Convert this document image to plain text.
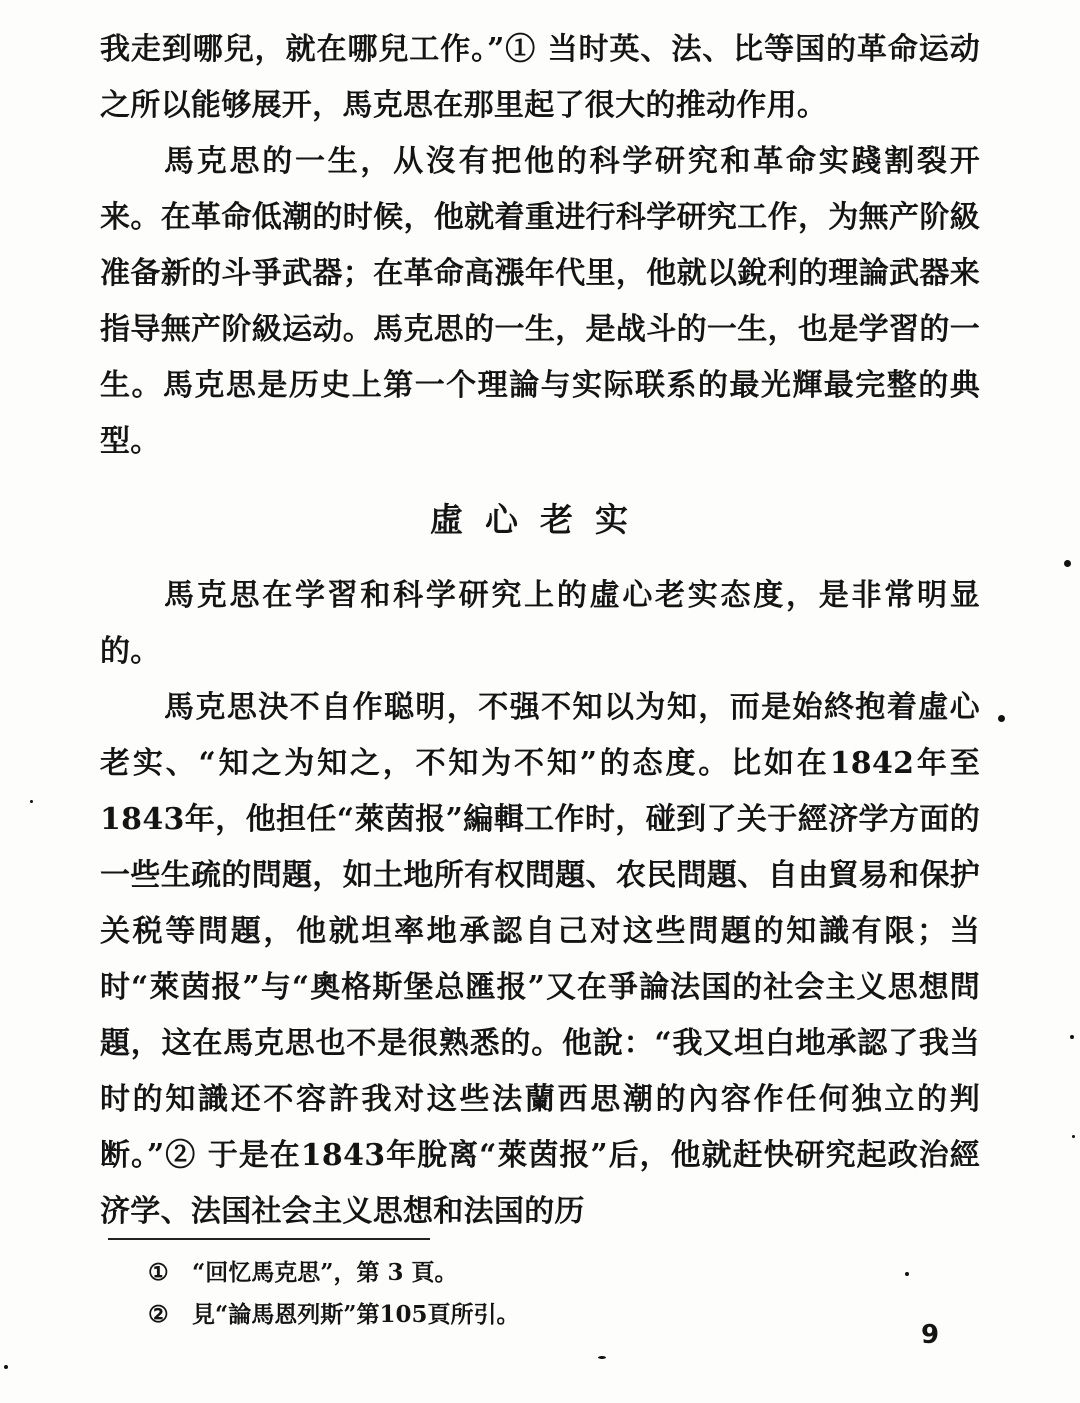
我走到哪兒，就在哪兒工作。”① 当时英、法、比等国的革命运动之所以能够展开，馬克思在那里起了很大的推动作用。

馬克思的一生，从沒有把他的科学研究和革命实踐割裂开来。在革命低潮的时候，他就着重进行科学研究工作，为無产阶級准备新的斗爭武器；在革命高漲年代里，他就以銳利的理論武器来指导無产阶級运动。馬克思的一生，是战斗的一生，也是学習的一生。馬克思是历史上第一个理論与实际联系的最光輝最完整的典型。

虛心老实

馬克思在学習和科学研究上的虛心老实态度，是非常明显的。

馬克思決不自作聪明，不强不知以为知，而是始終抱着虛心老实、“知之为知之，不知为不知”的态度。比如在1842年至1843年，他担任“萊茵报”編輯工作时，碰到了关于經济学方面的一些生疏的問題，如土地所有权問題、农民問題、自由貿易和保护关税等問題，他就坦率地承認自己对这些問題的知識有限；当时“萊茵报”与“奧格斯堡总匯报”又在爭論法国的社会主义思想問題，这在馬克思也不是很熟悉的。他說：“我又坦白地承認了我当时的知識还不容許我对这些法蘭西思潮的內容作任何独立的判断。”② 于是在1843年脫离“萊茵报”后，他就赶快研究起政治經济学、法国社会主义思想和法国的历

① “回忆馬克思”，第 3 頁。

② 見“論馬恩列斯”第105頁所引。

9
